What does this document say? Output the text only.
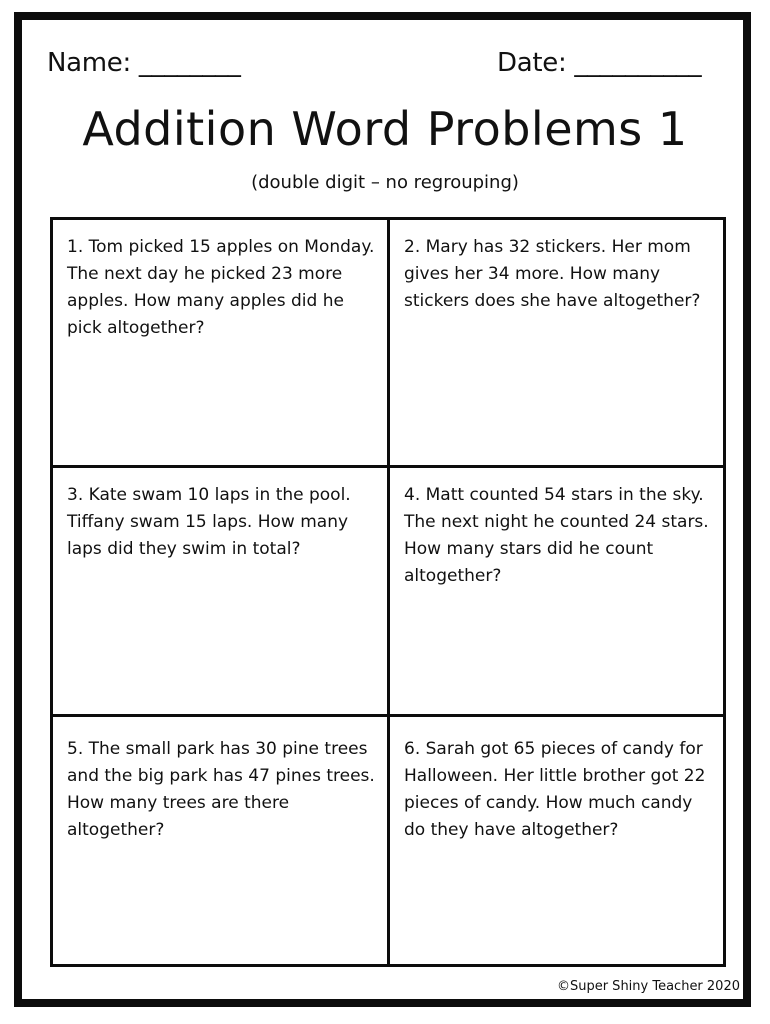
Name: ________	Date: __________
Addition Word Problems 1
(double digit – no regrouping)
1. Tom picked 15 apples on Monday. The next day he picked 23 more apples. How many apples did he pick altogether?
2. Mary has 32 stickers. Her mom gives her 34 more. How many stickers does she have altogether?
3. Kate swam 10 laps in the pool. Tiffany swam 15 laps. How many laps did they swim in total?
4. Matt counted 54 stars in the sky. The next night he counted 24 stars. How many stars did he count altogether?
5. The small park has 30 pine trees and the big park has 47 pines trees. How many trees are there altogether?
6. Sarah got 65 pieces of candy for Halloween. Her little brother got 22 pieces of candy. How much candy do they have altogether?
©Super Shiny Teacher 2020
